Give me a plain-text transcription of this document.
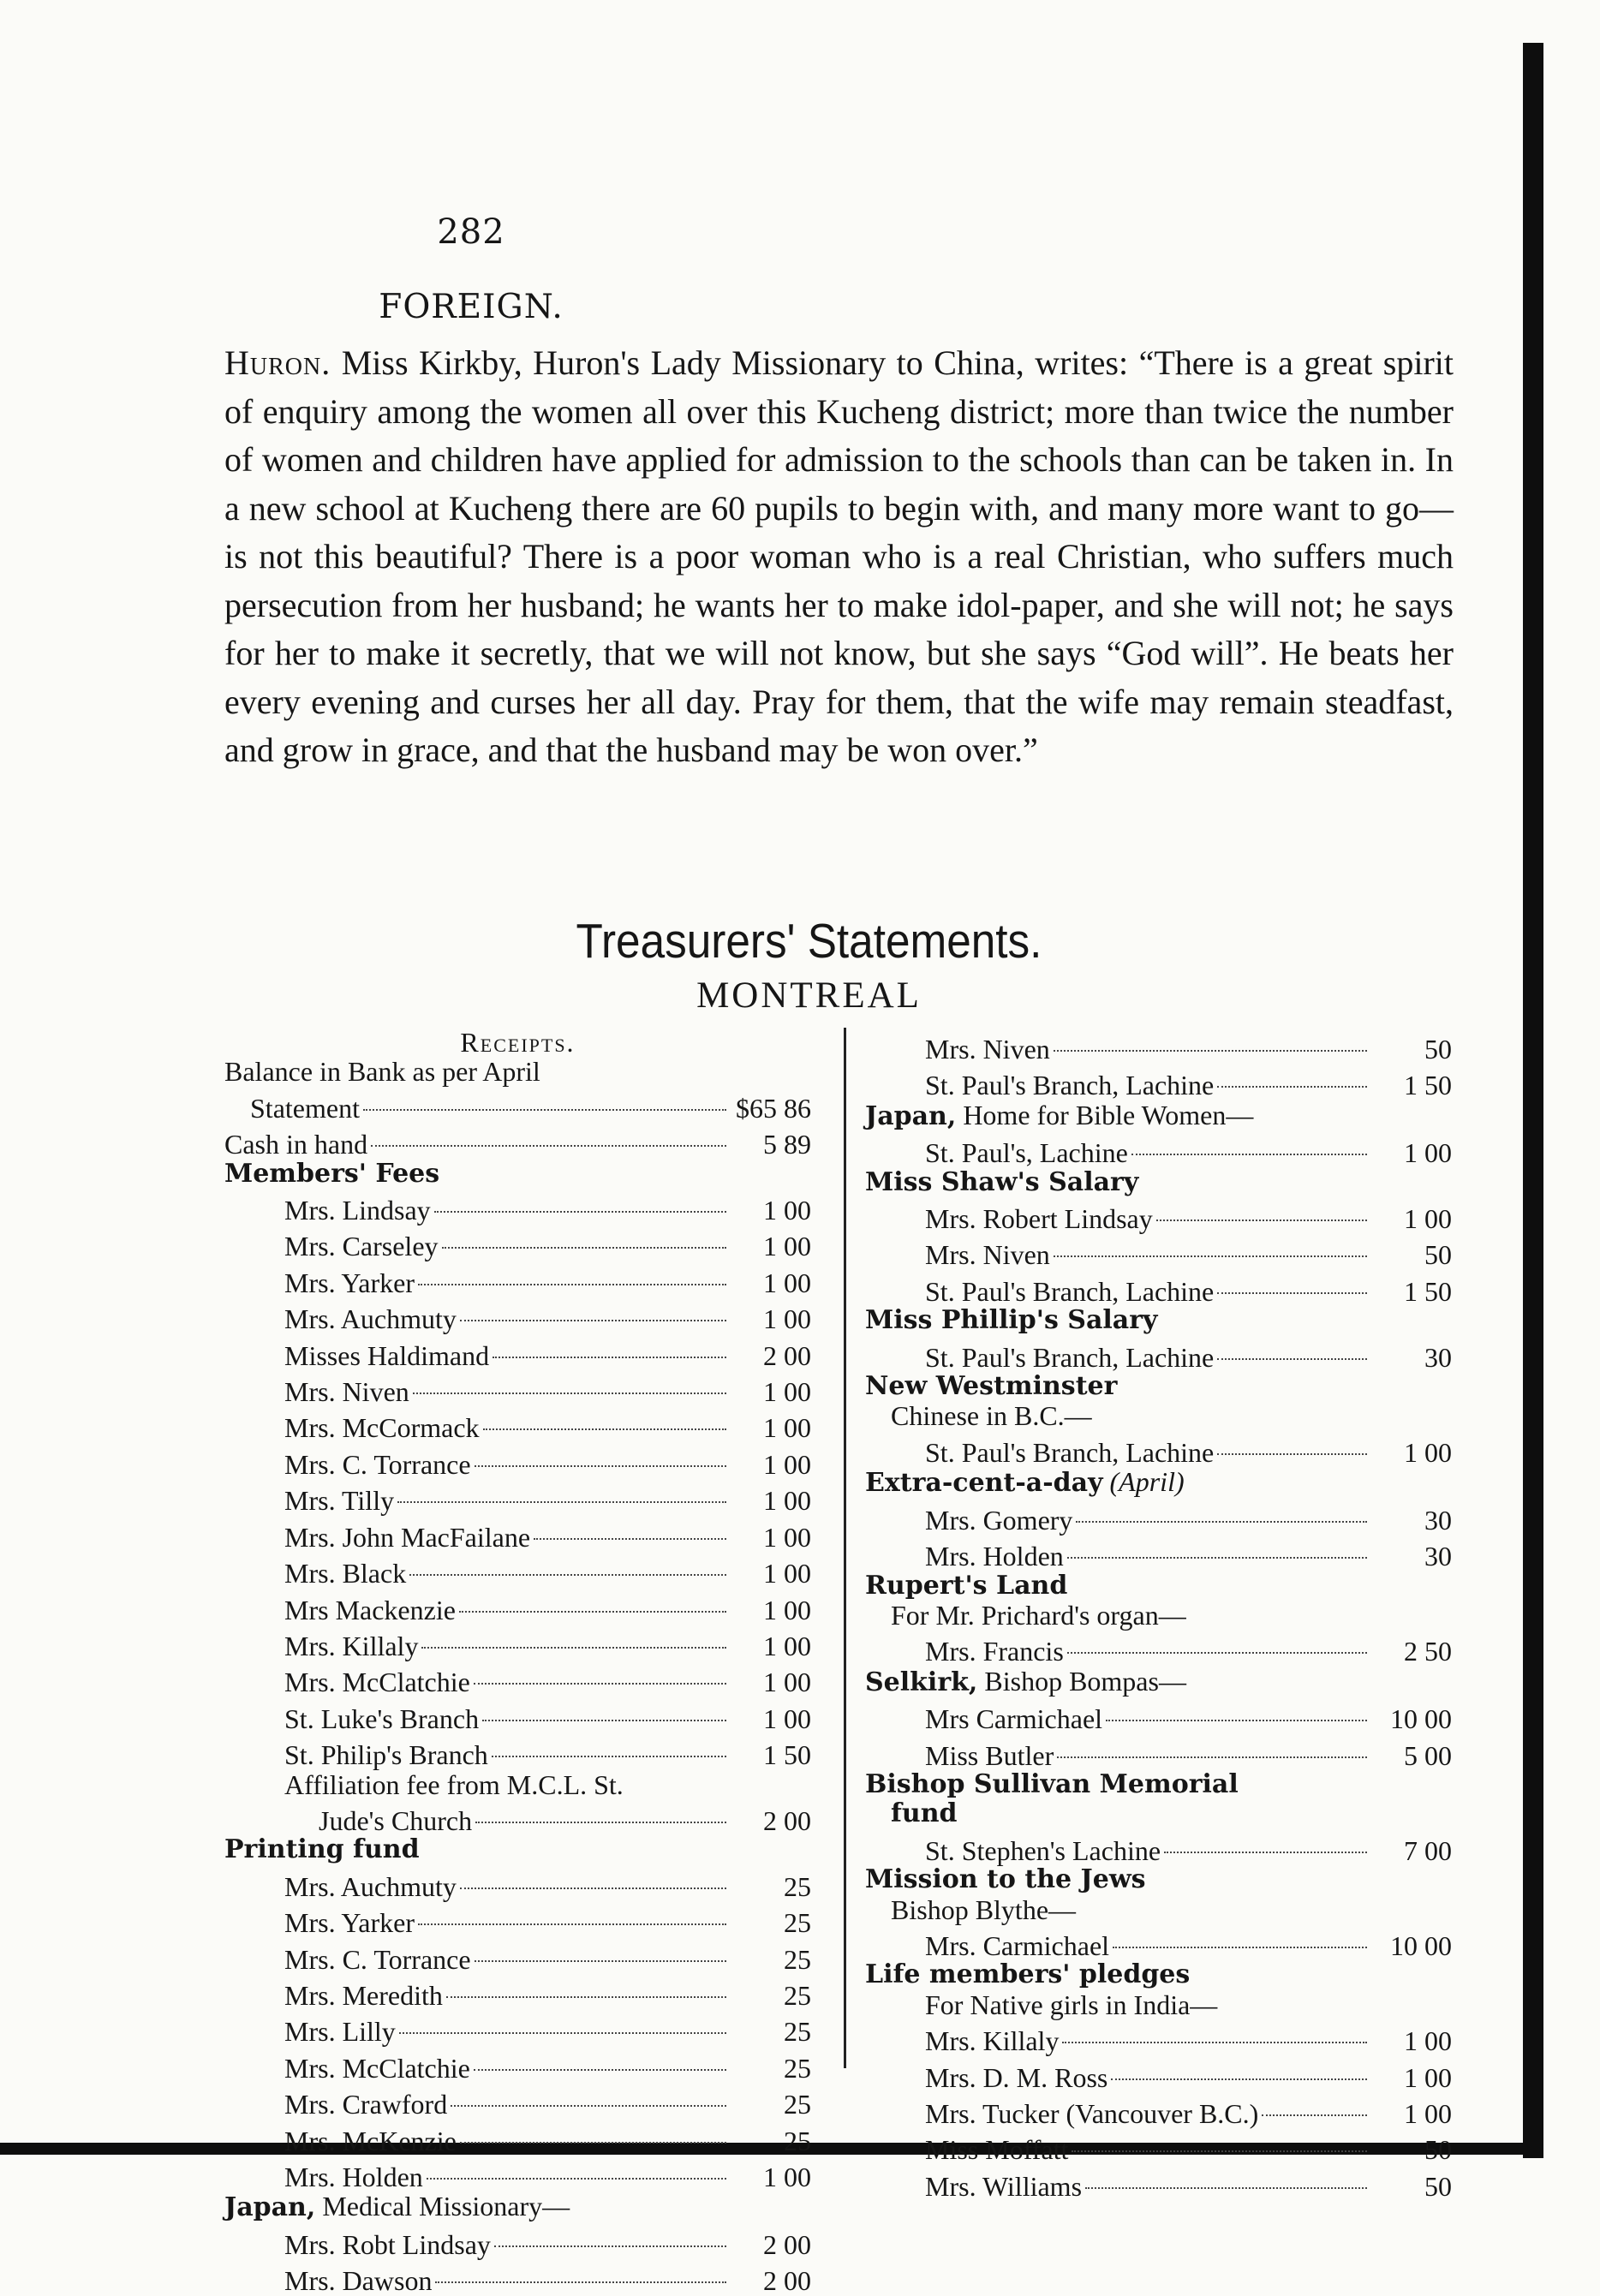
282
FOREIGN.

Huron. Miss Kirkby, Huron's Lady Missionary to China, writes: “There is a great spirit of enquiry among the women all over this Kucheng district; more than twice the number of women and children have applied for admission to the schools than can be taken in. In a new school at Kucheng there are 60 pupils to begin with, and many more want to go—is not this beautiful? There is a poor woman who is a real Christian, who suffers much persecution from her husband; he wants her to make idol-paper, and she will not; he says for her to make it secretly, that we will not know, but she says “God will”. He beats her every evening and curses her all day. Pray for them, that the wife may remain steadfast, and grow in grace, and that the husband may be won over.”

Treasurers' Statements.
MONTREAL
Receipts.
Balance in Bank as per April
Statement	$65 86
Cash in hand	5 89
Members' Fees
Mrs. Lindsay	1 00
Mrs. Carseley	1 00
Mrs. Yarker	1 00
Mrs. Auchmuty	1 00
Misses Haldimand	2 00
Mrs. Niven	1 00
Mrs. McCormack	1 00
Mrs. C. Torrance	1 00
Mrs. Tilly	1 00
Mrs. John MacFailane	1 00
Mrs. Black	1 00
Mrs Mackenzie	1 00
Mrs. Killaly	1 00
Mrs. McClatchie	1 00
St. Luke's Branch	1 00
St. Philip's Branch	1 50
Affiliation fee from M.C.L. St.
Jude's Church	2 00
Printing fund
Mrs. Auchmuty	25
Mrs. Yarker	25
Mrs. C. Torrance	25
Mrs. Meredith	25
Mrs. Lilly	25
Mrs. McClatchie	25
Mrs. Crawford	25
Mrs. McKenzie	25
Mrs. Holden	1 00
Japan, Medical Missionary—
Mrs. Robt Lindsay	2 00
Mrs. Dawson	2 00
Mrs. Niven	50
St. Paul's Branch, Lachine	1 50
Japan, Home for Bible Women—
St. Paul's, Lachine	1 00
Miss Shaw's Salary
Mrs. Robert Lindsay	1 00
Mrs. Niven	50
St. Paul's Branch, Lachine	1 50
Miss Phillip's Salary
St. Paul's Branch, Lachine	30
New Westminster
Chinese in B.C.—
St. Paul's Branch, Lachine	1 00
Extra-cent-a-day (April)
Mrs. Gomery	30
Mrs. Holden	30
Rupert's Land
For Mr. Prichard's organ—
Mrs. Francis	2 50
Selkirk, Bishop Bompas—
Mrs Carmichael	10 00
Miss Butler	5 00
Bishop Sullivan Memorial
fund
St. Stephen's Lachine	7 00
Mission to the Jews
Bishop Blythe—
Mrs. Carmichael	10 00
Life members' pledges
For Native girls in India—
Mrs. Killaly	1 00
Mrs. D. M. Ross	1 00
Mrs. Tucker (Vancouver B.C.)	1 00
Miss Moffatt	50
Mrs. Williams	50
